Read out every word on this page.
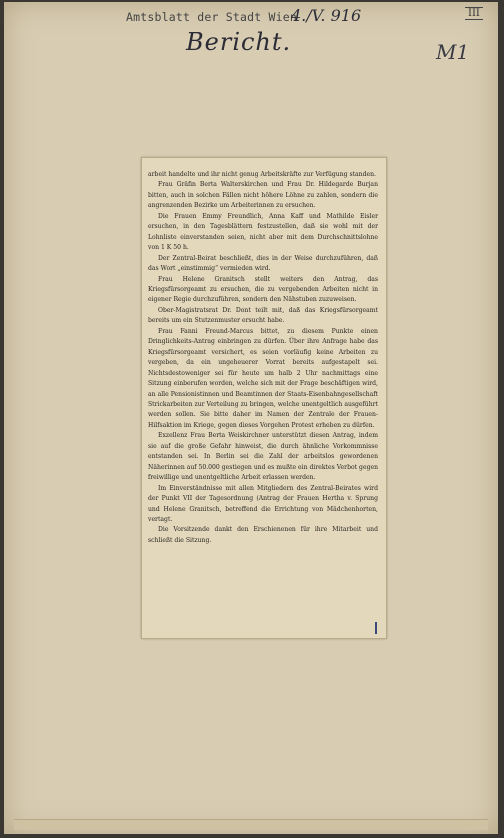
Amtsblatt der Stadt Wien
4./V. 916	III
Bericht.	M1

arbeit handelte und ihr nicht genug Arbeitskräfte zur Verfügung standen.

Frau Gräfin Berta Walterskirchen und Frau Dr. Hildegarde Burjan bitten, auch in solchen Fällen nicht höhere Löhne zu zahlen, sondern die angrenzenden Bezirke um Arbeiterinnen zu ersuchen.

Die Frauen Emmy Freundlich, Anna Kaff und Mathilde Eisler ersuchen, in den Tagesblättern festzustellen, daß sie wohl mit der Lohnliste einverstanden seien, nicht aber mit dem Durchschnittslohne von 1 K 50 h.

Der Zentral-Beirat beschließt, dies in der Weise durchzuführen, daß das Wort „einstimmig“ vermieden wird.

Frau Helene Granitsch stellt weiters den Antrag, das Kriegsfürsorgeamt zu ersuchen, die zu vergebenden Arbeiten nicht in eigener Regie durchzuführen, sondern den Nähstuben zuzuweisen.

Ober-Magistratsrat Dr. Dont teilt mit, daß das Kriegsfürsorgeamt bereits um ein Stutzenmuster ersucht habe.

Frau Fanni Freund-Marcus bittet, zu diesem Punkte einen Dringlichkeits-Antrag einbringen zu dürfen. Über ihre Anfrage habe das Kriegsfürsorgeamt versichert, es seien vorläufig keine Arbeiten zu vergeben, da ein ungeheuerer Vorrat bereits aufgestapelt sei. Nichtsdestoweniger sei für heute um halb 2 Uhr nachmittags eine Sitzung einberufen worden, welche sich mit der Frage beschäftigen wird, an alle Pensionistinnen und Beamtinnen der Staats-Eisenbahngesellschaft Strickarbeiten zur Verteilung zu bringen, welche unentgeltlich ausgeführt werden sollen. Sie bitte daher im Namen der Zentrale der Frauen-Hilfsaktion im Kriege, gegen dieses Vorgehen Protest erheben zu dürfen.

Exzellenz Frau Berta Weiskirchner unterstützt diesen Antrag, indem sie auf die große Gefahr hinweist, die durch ähnliche Vorkommnisse entstanden sei. In Berlin sei die Zahl der arbeitslos gewordenen Näherinnen auf 50.000 gestiegen und es mußte ein direktes Verbot gegen freiwillige und unentgeltliche Arbeit erlassen werden.

Im Einverständnisse mit allen Mitgliedern des Zentral-Beirates wird der Punkt VII der Tagesordnung (Antrag der Frauen Hertha v. Sprung und Helene Granitsch, betreffend die Errichtung von Mädchenhorten, vertagt.

Die Vorsitzende dankt den Erschienenen für ihre Mitarbeit und schließt die Sitzung.
